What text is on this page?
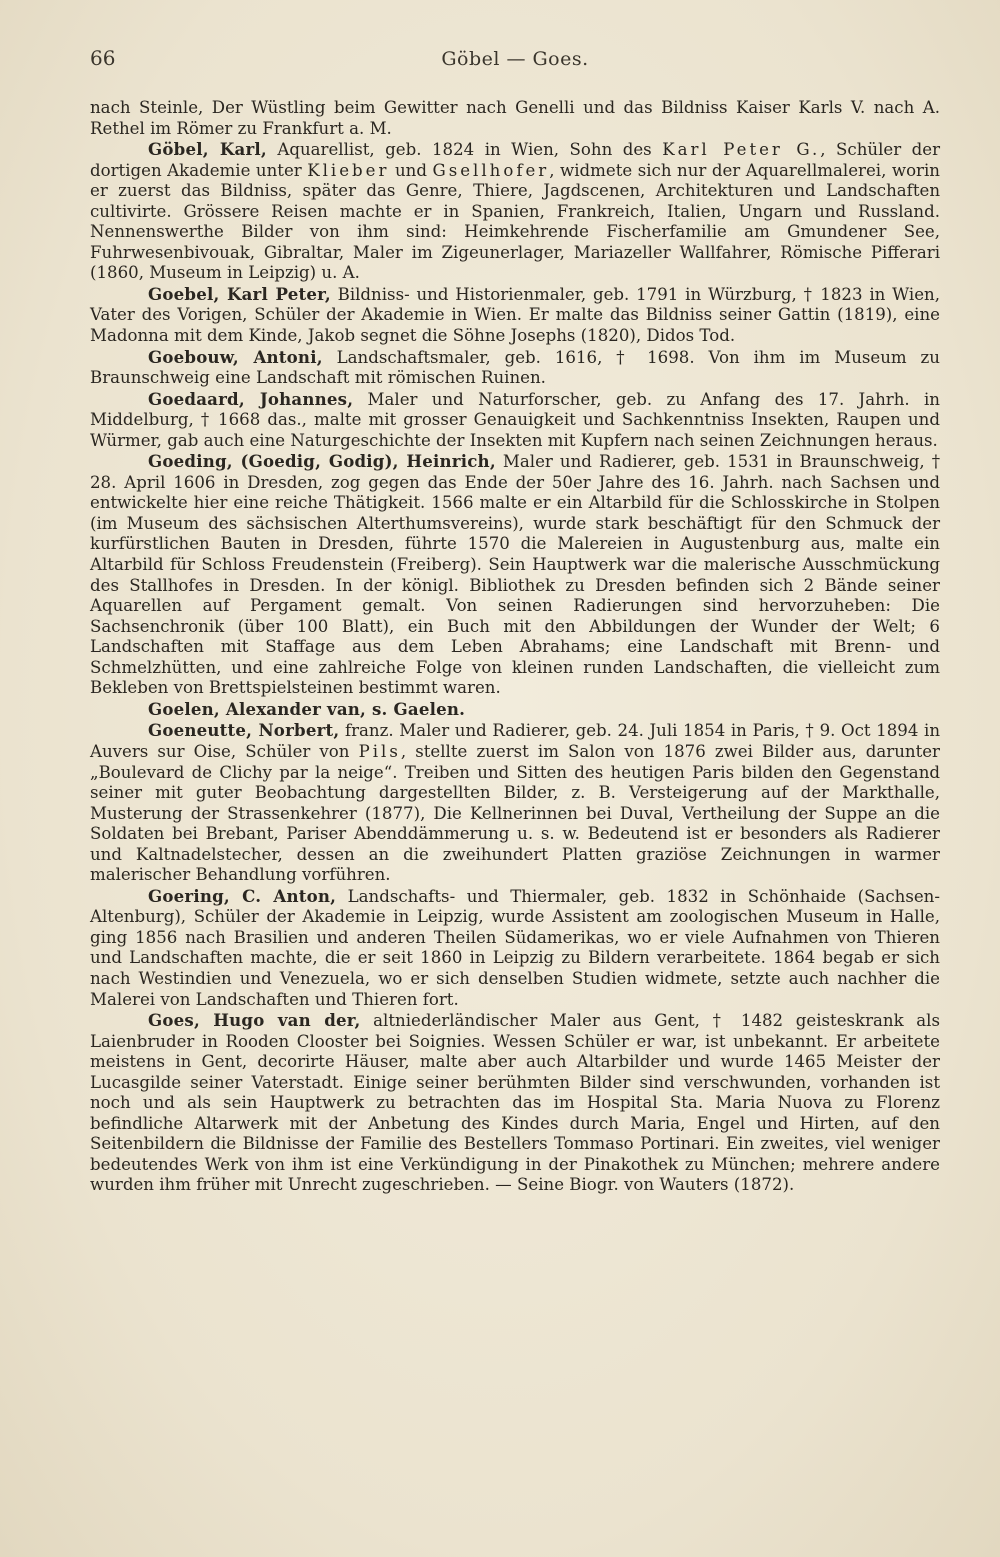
66	Göbel — Goes.

nach Steinle, Der Wüstling beim Gewitter nach Genelli und das Bildniss Kaiser Karls V. nach A. Rethel im Römer zu Frankfurt a. M.

Göbel, Karl, Aquarellist, geb. 1824 in Wien, Sohn des Karl Peter G., Schüler der dortigen Akademie unter Klieber und Gsellhofer, widmete sich nur der Aquarellmalerei, worin er zuerst das Bildniss, später das Genre, Thiere, Jagdscenen, Architekturen und Landschaften cultivirte. Grössere Reisen machte er in Spanien, Frankreich, Italien, Ungarn und Russland. Nennenswerthe Bilder von ihm sind: Heimkehrende Fischerfamilie am Gmundener See, Fuhrwesenbivouak, Gibraltar, Maler im Zigeunerlager, Mariazeller Wallfahrer, Römische Pifferari (1860, Museum in Leipzig) u. A.

Goebel, Karl Peter, Bildniss- und Historienmaler, geb. 1791 in Würzburg, † 1823 in Wien, Vater des Vorigen, Schüler der Akademie in Wien. Er malte das Bildniss seiner Gattin (1819), eine Madonna mit dem Kinde, Jakob segnet die Söhne Josephs (1820), Didos Tod.

Goebouw, Antoni, Landschaftsmaler, geb. 1616, † 1698. Von ihm im Museum zu Braunschweig eine Landschaft mit römischen Ruinen.

Goedaard, Johannes, Maler und Naturforscher, geb. zu Anfang des 17. Jahrh. in Middelburg, † 1668 das., malte mit grosser Genauigkeit und Sachkenntniss Insekten, Raupen und Würmer, gab auch eine Naturgeschichte der Insekten mit Kupfern nach seinen Zeichnungen heraus.

Goeding, (Goedig, Godig), Heinrich, Maler und Radierer, geb. 1531 in Braunschweig, † 28. April 1606 in Dresden, zog gegen das Ende der 50er Jahre des 16. Jahrh. nach Sachsen und entwickelte hier eine reiche Thätigkeit. 1566 malte er ein Altarbild für die Schlosskirche in Stolpen (im Museum des sächsischen Alterthumsvereins), wurde stark beschäftigt für den Schmuck der kurfürstlichen Bauten in Dresden, führte 1570 die Malereien in Augustenburg aus, malte ein Altarbild für Schloss Freudenstein (Freiberg). Sein Hauptwerk war die malerische Ausschmückung des Stallhofes in Dresden. In der königl. Bibliothek zu Dresden befinden sich 2 Bände seiner Aquarellen auf Pergament gemalt. Von seinen Radierungen sind hervorzuheben: Die Sachsenchronik (über 100 Blatt), ein Buch mit den Abbildungen der Wunder der Welt; 6 Landschaften mit Staffage aus dem Leben Abrahams; eine Landschaft mit Brenn- und Schmelzhütten, und eine zahlreiche Folge von kleinen runden Landschaften, die vielleicht zum Bekleben von Brettspielsteinen bestimmt waren.

Goelen, Alexander van, s. Gaelen.

Goeneutte, Norbert, franz. Maler und Radierer, geb. 24. Juli 1854 in Paris, † 9. Oct 1894 in Auvers sur Oise, Schüler von Pils, stellte zuerst im Salon von 1876 zwei Bilder aus, darunter „Boulevard de Clichy par la neige“. Treiben und Sitten des heutigen Paris bilden den Gegenstand seiner mit guter Beobachtung dargestellten Bilder, z. B. Versteigerung auf der Markthalle, Musterung der Strassenkehrer (1877), Die Kellnerinnen bei Duval, Vertheilung der Suppe an die Soldaten bei Brebant, Pariser Abenddämmerung u. s. w. Bedeutend ist er besonders als Radierer und Kaltnadelstecher, dessen an die zweihundert Platten graziöse Zeichnungen in warmer malerischer Behandlung vorführen.

Goering, C. Anton, Landschafts- und Thiermaler, geb. 1832 in Schönhaide (Sachsen-Altenburg), Schüler der Akademie in Leipzig, wurde Assistent am zoologischen Museum in Halle, ging 1856 nach Brasilien und anderen Theilen Südamerikas, wo er viele Aufnahmen von Thieren und Landschaften machte, die er seit 1860 in Leipzig zu Bildern verarbeitete. 1864 begab er sich nach Westindien und Venezuela, wo er sich denselben Studien widmete, setzte auch nachher die Malerei von Landschaften und Thieren fort.

Goes, Hugo van der, altniederländischer Maler aus Gent, † 1482 geisteskrank als Laienbruder in Rooden Clooster bei Soignies. Wessen Schüler er war, ist unbekannt. Er arbeitete meistens in Gent, decorirte Häuser, malte aber auch Altarbilder und wurde 1465 Meister der Lucasgilde seiner Vaterstadt. Einige seiner berühmten Bilder sind verschwunden, vorhanden ist noch und als sein Hauptwerk zu betrachten das im Hospital Sta. Maria Nuova zu Florenz befindliche Altarwerk mit der Anbetung des Kindes durch Maria, Engel und Hirten, auf den Seitenbildern die Bildnisse der Familie des Bestellers Tommaso Portinari. Ein zweites, viel weniger bedeutendes Werk von ihm ist eine Verkündigung in der Pinakothek zu München; mehrere andere wurden ihm früher mit Unrecht zugeschrieben. — Seine Biogr. von Wauters (1872).
